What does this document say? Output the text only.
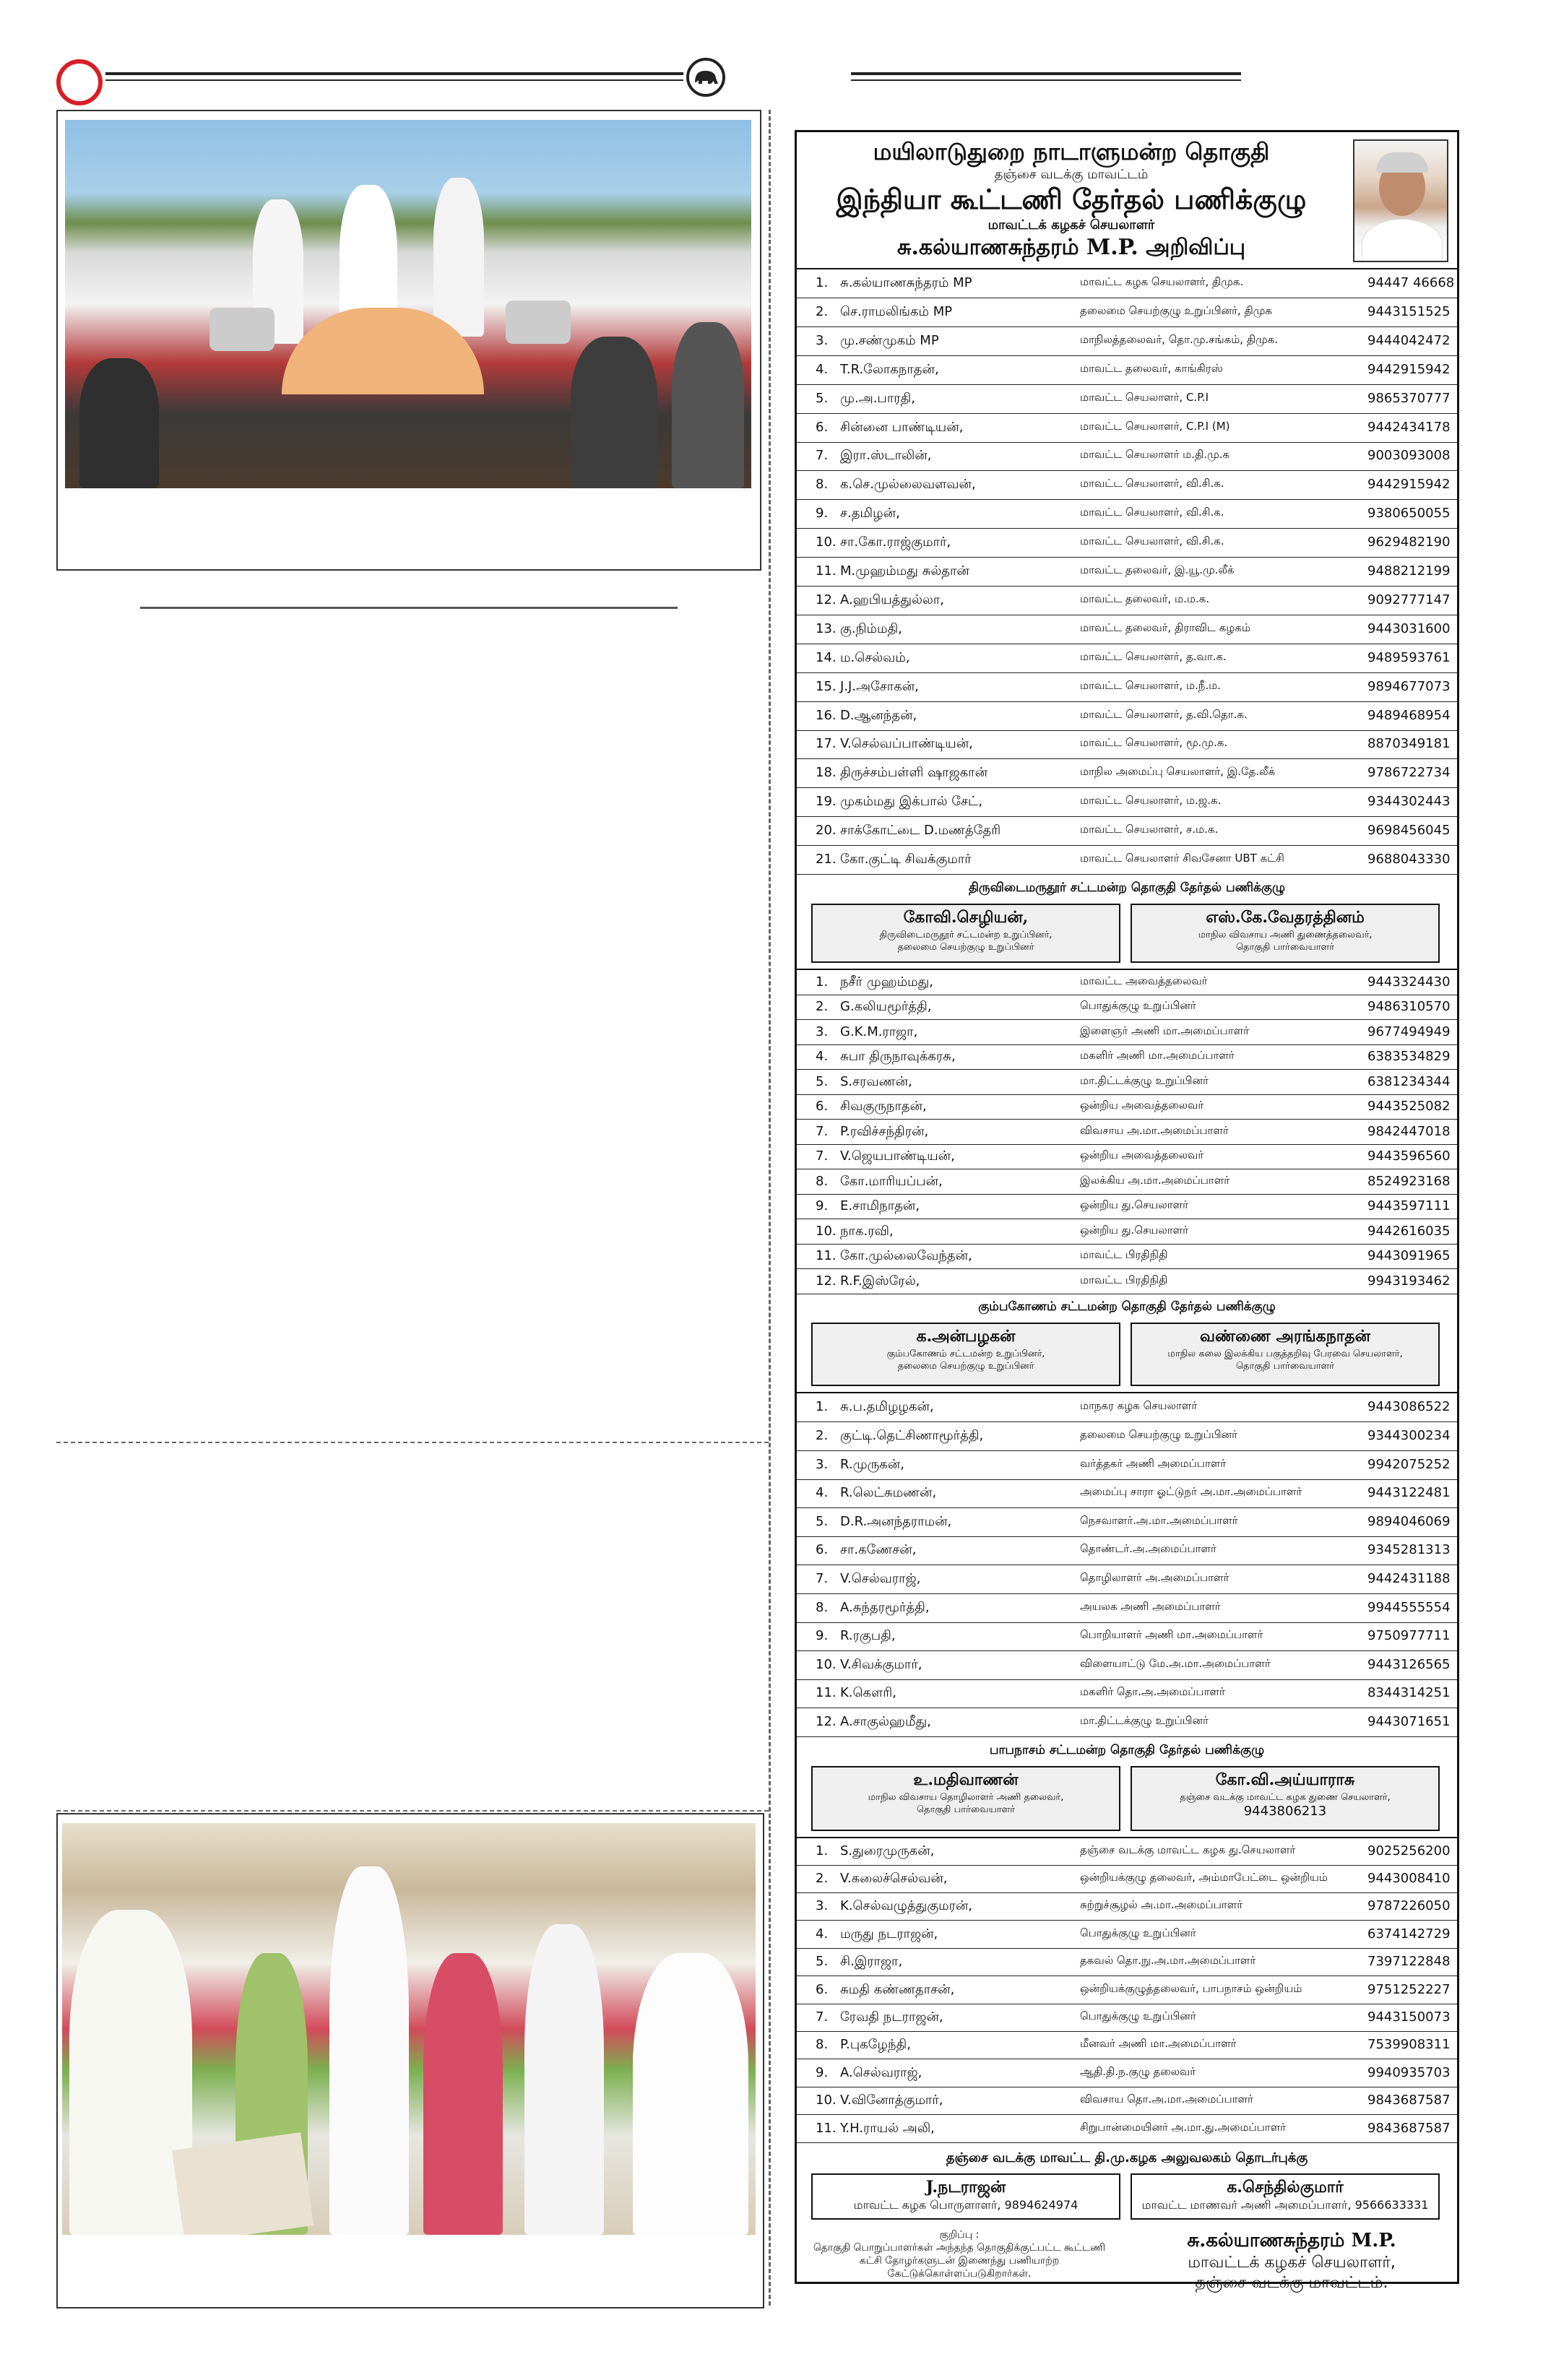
மயிலாடுதுறை நாடாளுமன்ற தொகுதி
தஞ்சை வடக்கு மாவட்டம்
இந்தியா கூட்டணி தேர்தல் பணிக்குழு
மாவட்டக் கழகச் செயலாளர்
சு.கல்யாணசுந்தரம் M.P. அறிவிப்பு
1. சு.கல்யாணசுந்தரம் MP	மாவட்ட கழக செயலாளர், திமுக.	94447 46668
2. செ.ராமலிங்கம் MP	தலைமை செயற்குழு உறுப்பினர், திமுக	9443151525
3. மு.சண்முகம் MP	மாநிலத்தலைவர், தொ.மு.சங்கம், திமுக.	9444042472
4. T.R.லோகநாதன்,	மாவட்ட தலைவர், காங்கிரஸ்	9442915942
5. மு.அ.பாரதி,	மாவட்ட செயலாளர், C.P.I	9865370777
6. சின்னை பாண்டியன்,	மாவட்ட செயலாளர், C.P.I (M)	9442434178
7. இரா.ஸ்டாலின்,	மாவட்ட செயலாளர் ம.தி.மு.க	9003093008
8. க.செ.முல்லைவளவன்,	மாவட்ட செயலாளர், வி.சி.க.	9442915942
9. ச.தமிழன்,	மாவட்ட செயலாளர், வி.சி.க.	9380650055
10. சா.கோ.ராஜ்குமார்,	மாவட்ட செயலாளர், வி.சி.க.	9629482190
11. M.முஹம்மது சுல்தான்	மாவட்ட தலைவர், இ.யூ.மு.லீக்	9488212199
12. A.ஹபியத்துல்லா,	மாவட்ட தலைவர், ம.ம.க.	9092777147
13. கு.நிம்மதி,	மாவட்ட தலைவர், திராவிட கழகம்	9443031600
14. ம.செல்வம்,	மாவட்ட செயலாளர், த.வா.க.	9489593761
15. J.J.அசோகன்,	மாவட்ட செயலாளர், ம.நீ.ம.	9894677073
16. D.ஆனந்தன்,	மாவட்ட செயலாளர், த.வி.தொ.க.	9489468954
17. V.செல்வப்பாண்டியன்,	மாவட்ட செயலாளர், மூ.மு.க.	8870349181
18. திருச்சம்பள்ளி ஷாஜகான்	மாநில அமைப்பு செயலாளர், இ.தே.லீக்	9786722734
19. முகம்மது இக்பால் சேட்,	மாவட்ட செயலாளர், ம.ஜ.க.	9344302443
20. சாக்கோட்டை D.மணத்தேரி	மாவட்ட செயலாளர், ச.ம.க.	9698456045
21. கோ.குட்டி சிவக்குமார்	மாவட்ட செயலாளர் சிவசேனா UBT கட்சி	9688043330
திருவிடைமருதூர் சட்டமன்ற தொகுதி தேர்தல் பணிக்குழு
கோவி.செழியன்,
திருவிடைமருதூர் சட்டமன்ற உறுப்பினர்,
தலைமை செயற்குழு உறுப்பினர்
எஸ்.கே.வேதரத்தினம்
மாநில விவசாய அணி துணைத்தலைவர்,
தொகுதி பார்வையாளர்
1. நசீர் முஹம்மது,	மாவட்ட அவைத்தலைவர்	9443324430
2. G.கலியமூர்த்தி,	பொதுக்குழு உறுப்பினர்	9486310570
3. G.K.M.ராஜா,	இளைஞர் அணி மா.அமைப்பாளர்	9677494949
4. சுபா திருநாவுக்கரசு,	மகளிர் அணி மா.அமைப்பாளர்	6383534829
5. S.சரவணன்,	மா.திட்டக்குழு உறுப்பினர்	6381234344
6. சிவகுருநாதன்,	ஒன்றிய அவைத்தலைவர்	9443525082
7. P.ரவிச்சந்திரன்,	விவசாய அ.மா.அமைப்பாளர்	9842447018
7. V.ஜெயபாண்டியன்,	ஒன்றிய அவைத்தலைவர்	9443596560
8. கோ.மாரியப்பன்,	இலக்கிய அ.மா.அமைப்பாளர்	8524923168
9. E.சாமிநாதன்,	ஒன்றிய து.செயலாளர்	9443597111
10. நாக.ரவி,	ஒன்றிய து.செயலாளர்	9442616035
11. கோ.முல்லைவேந்தன்,	மாவட்ட பிரதிநிதி	9443091965
12. R.F.இஸ்ரேல்,	மாவட்ட பிரதிநிதி	9943193462
கும்பகோணம் சட்டமன்ற தொகுதி தேர்தல் பணிக்குழு
க.அன்பழகன்
கும்பகோணம் சட்டமன்ற உறுப்பினர்,
தலைமை செயற்குழு உறுப்பினர்
வண்ணை அரங்கநாதன்
மாநில கலை இலக்கிய பகுத்தறிவு பேரவை செயலாளர்,
தொகுதி பார்வையாளர்
1. சு.ப.தமிழழகன்,	மாநகர கழக செயலாளர்	9443086522
2. குட்டி.தெட்சிணாமூர்த்தி,	தலைமை செயற்குழு உறுப்பினர்	9344300234
3. R.முருகன்,	வர்த்தகர் அணி அமைப்பாளர்	9942075252
4. R.லெட்சுமணன்,	அமைப்பு சாரா ஓட்டுநர் அ.மா.அமைப்பாளர்	9443122481
5. D.R.அனந்தராமன்,	நெசவாளர்.அ.மா.அமைப்பாளர்	9894046069
6. சா.கணேசன்,	தொண்டர்.அ.அமைப்பாளர்	9345281313
7. V.செல்வராஜ்,	தொழிலாளர் அ.அமைப்பாளர்	9442431188
8. A.சுந்தரமூர்த்தி,	அயலக அணி அமைப்பாளர்	9944555554
9. R.ரகுபதி,	பொறியாளர் அணி மா.அமைப்பாளர்	9750977711
10. V.சிவக்குமார்,	விளையாட்டு மே.அ.மா.அமைப்பாளர்	9443126565
11. K.கௌரி,	மகளிர் தொ.அ.அமைப்பாளர்	8344314251
12. A.சாகுல்ஹமீது,	மா.திட்டக்குழு உறுப்பினர்	9443071651
பாபநாசம் சட்டமன்ற தொகுதி தேர்தல் பணிக்குழு
உ.மதிவாணன்
மாநில விவசாய தொழிலாளர் அணி தலைவர்,
தொகுதி பார்வையாளர்
கோ.வி.அய்யாராசு
தஞ்சை வடக்கு மாவட்ட கழக துணை செயலாளர்,
9443806213
1. S.துரைமுருகன்,	தஞ்சை வடக்கு மாவட்ட கழக து.செயலாளர்	9025256200
2. V.கலைச்செல்வன்,	ஒன்றியக்குழு தலைவர், அம்மாபேட்டை ஒன்றியம்	9443008410
3. K.செல்வழுத்துகுமரன்,	சுற்றுச்சூழல் அ.மா.அமைப்பாளர்	9787226050
4. மருது நடராஜன்,	பொதுக்குழு உறுப்பினர்	6374142729
5. சி.இராஜா,	தகவல் தொ.நு.அ.மா.அமைப்பாளர்	7397122848
6. சுமதி கண்ணதாசன்,	ஒன்றியக்குழுத்தலைவர், பாபநாசம் ஒன்றியம்	9751252227
7. ரேவதி நடராஜன்,	பொதுக்குழு உறுப்பினர்	9443150073
8. P.புகழேந்தி,	மீனவர் அணி மா.அமைப்பாளர்	7539908311
9. A.செல்வராஜ்,	ஆதி.தி.ந.குழு தலைவர்	9940935703
10. V.வினோத்குமார்,	விவசாய தொ.அ.மா.அமைப்பாளர்	9843687587
11. Y.H.ராயல் அலி,	சிறுபான்மையினர் அ.மா.து.அமைப்பாளர்	9843687587
தஞ்சை வடக்கு மாவட்ட தி.மு.கழக அலுவலகம் தொடர்புக்கு
J.நடராஜன்
மாவட்ட கழக பொருளாளர், 9894624974
க.செந்தில்குமார்
மாவட்ட மாணவர் அணி அமைப்பாளர், 9566633331
குறிப்பு :
தொகுதி பொறுப்பாளர்கள் அந்தந்த தொகுதிக்குட்பட்ட கூட்டணி கட்சி தோழர்களுடன் இணைந்து பணியாற்ற கேட்டுக்கொள்ளப்படுகிறார்கள்.
சு.கல்யாணசுந்தரம் M.P.
மாவட்டக் கழகச் செயலாளர்,
தஞ்சை வடக்கு மாவட்டம்.
